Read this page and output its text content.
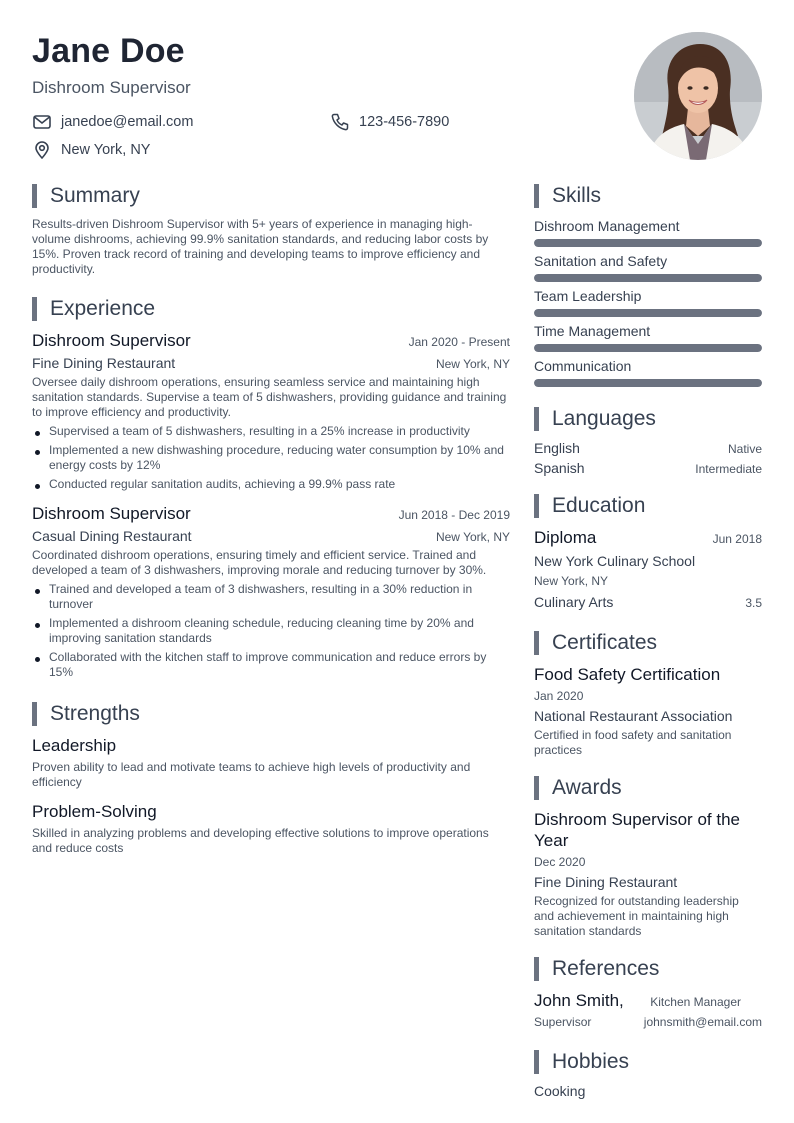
Jane Doe
Dishroom Supervisor
janedoe@email.com	123-456-7890
New York, NY
Summary
Results-driven Dishroom Supervisor with 5+ years of experience in managing high-volume dishrooms, achieving 99.9% sanitation standards, and reducing labor costs by 15%. Proven track record of training and developing teams to improve efficiency and productivity.
Experience
Dishroom Supervisor	Jan 2020 - Present
Fine Dining Restaurant	New York, NY
Oversee daily dishroom operations, ensuring seamless service and maintaining high sanitation standards. Supervise a team of 5 dishwashers, providing guidance and training to improve efficiency and productivity.
Supervised a team of 5 dishwashers, resulting in a 25% increase in productivity
Implemented a new dishwashing procedure, reducing water consumption by 10% and energy costs by 12%
Conducted regular sanitation audits, achieving a 99.9% pass rate
Dishroom Supervisor	Jun 2018 - Dec 2019
Casual Dining Restaurant	New York, NY
Coordinated dishroom operations, ensuring timely and efficient service. Trained and developed a team of 3 dishwashers, improving morale and reducing turnover by 30%.
Trained and developed a team of 3 dishwashers, resulting in a 30% reduction in turnover
Implemented a dishroom cleaning schedule, reducing cleaning time by 20% and improving sanitation standards
Collaborated with the kitchen staff to improve communication and reduce errors by 15%
Strengths
Leadership
Proven ability to lead and motivate teams to achieve high levels of productivity and efficiency
Problem-Solving
Skilled in analyzing problems and developing effective solutions to improve operations and reduce costs
Skills
Dishroom Management
Sanitation and Safety
Team Leadership
Time Management
Communication
Languages
English	Native
Spanish	Intermediate
Education
Diploma	Jun 2018
New York Culinary School
New York, NY
Culinary Arts	3.5
Certificates
Food Safety Certification
Jan 2020
National Restaurant Association
Certified in food safety and sanitation practices
Awards
Dishroom Supervisor of the Year
Dec 2020
Fine Dining Restaurant
Recognized for outstanding leadership and achievement in maintaining high sanitation standards
References
John Smith, Kitchen Manager
Supervisor	johnsmith@email.com
Hobbies
Cooking
